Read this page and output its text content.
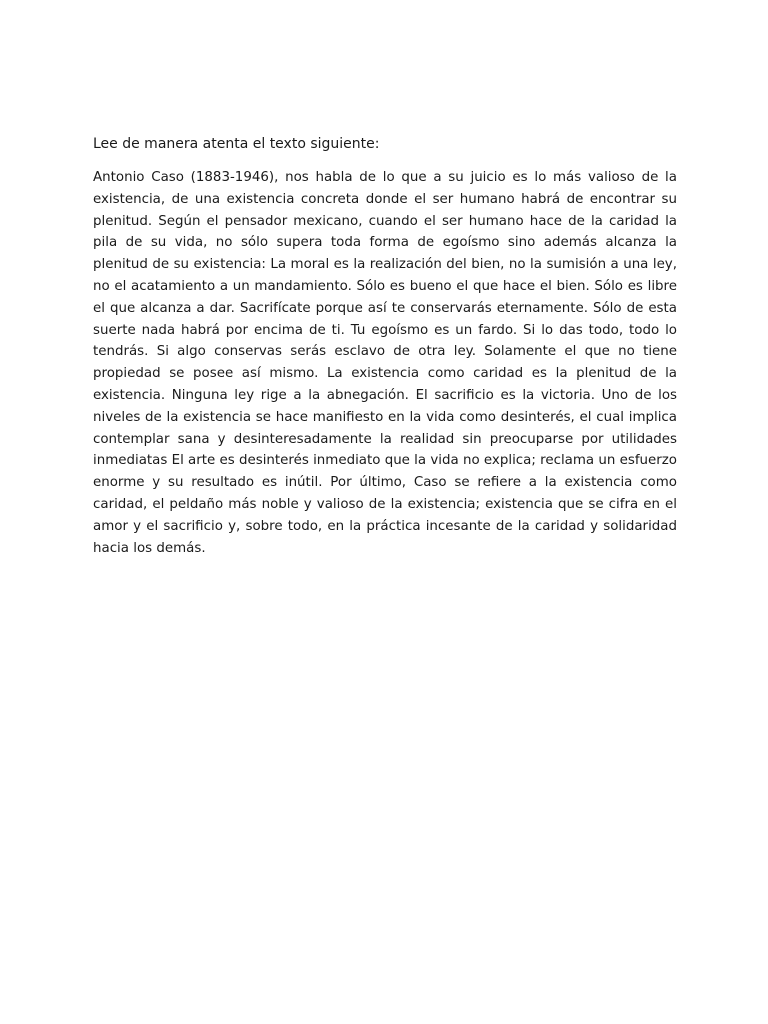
Lee de manera atenta el texto siguiente:

Antonio Caso (1883-1946), nos habla de lo que a su juicio es lo más valioso de la existencia, de una existencia concreta donde el ser humano habrá de encontrar su plenitud. Según el pensador mexicano, cuando el ser humano hace de la caridad la pila de su vida, no sólo supera toda forma de egoísmo sino además alcanza la plenitud de su existencia: La moral es la realización del bien, no la sumisión a una ley, no el acatamiento a un mandamiento. Sólo es bueno el que hace el bien. Sólo es libre el que alcanza a dar. Sacrifícate porque así te conservarás eternamente. Sólo de esta suerte nada habrá por encima de ti. Tu egoísmo es un fardo. Si lo das todo, todo lo tendrás. Si algo conservas serás esclavo de otra ley. Solamente el que no tiene propiedad se posee así mismo. La existencia como caridad es la plenitud de la existencia. Ninguna ley rige a la abnegación. El sacrificio es la victoria. Uno de los niveles de la existencia se hace manifiesto en la vida como desinterés, el cual implica contemplar sana y desinteresadamente la realidad sin preocuparse por utilidades inmediatas El arte es desinterés inmediato que la vida no explica; reclama un esfuerzo enorme y su resultado es inútil. Por último, Caso se refiere a la existencia como caridad, el peldaño más noble y valioso de la existencia; existencia que se cifra en el amor y el sacrificio y, sobre todo, en la práctica incesante de la caridad y solidaridad hacia los demás.
